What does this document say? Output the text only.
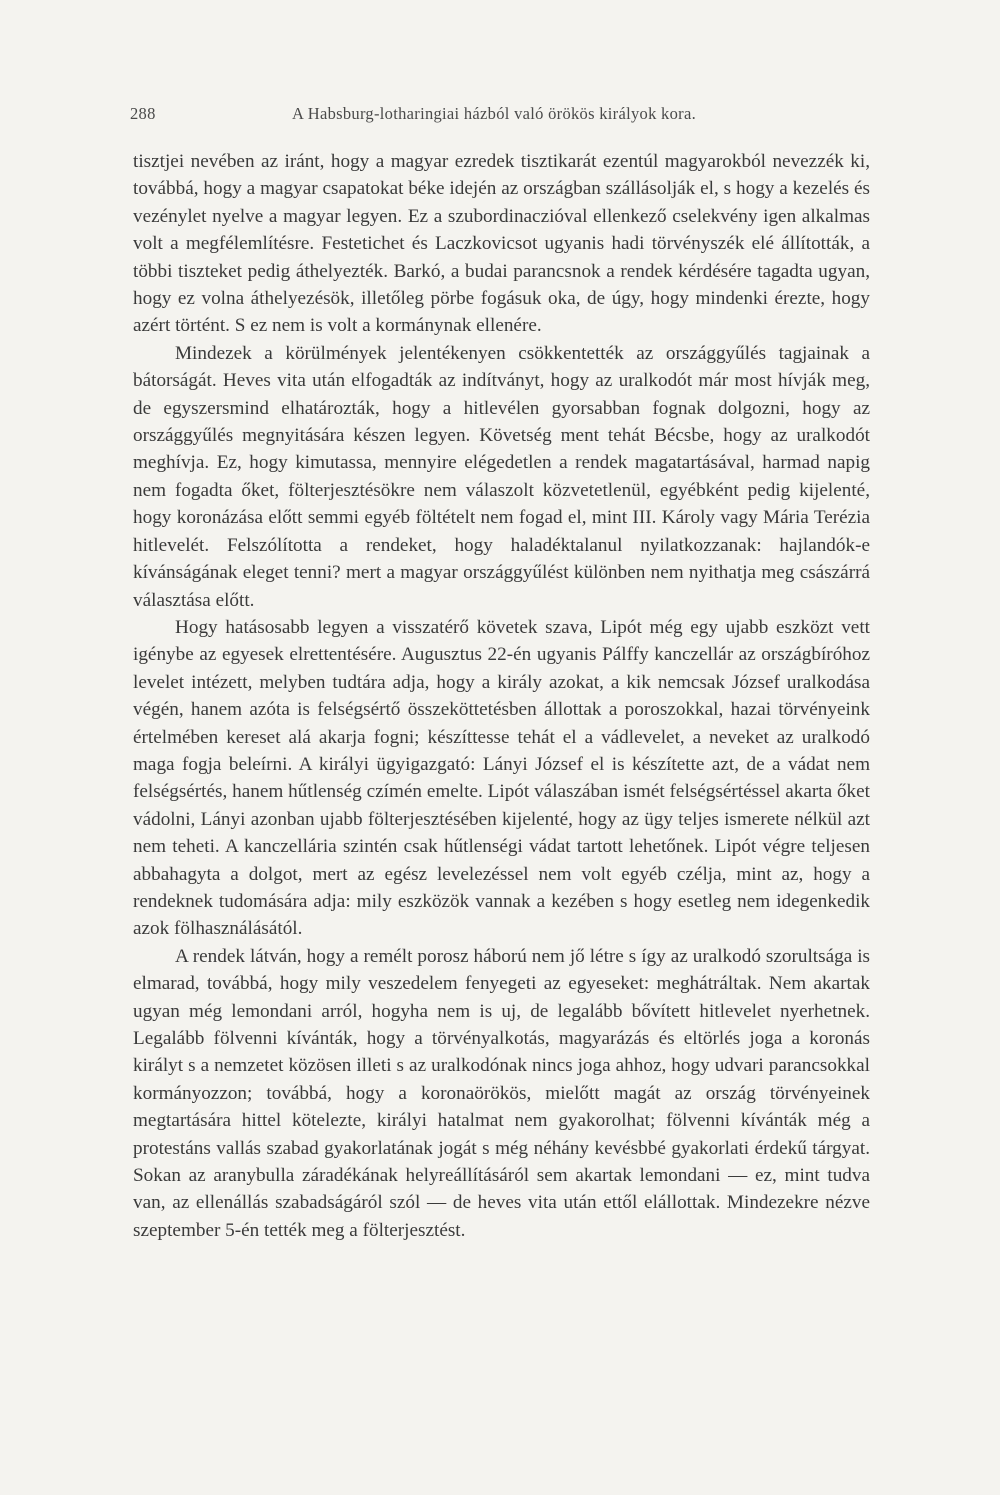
288	A Habsburg-lotharingiai házból való örökös királyok kora.

tisztjei nevében az iránt, hogy a magyar ezredek tisztikarát ezentúl magyarokból nevezzék ki, továbbá, hogy a magyar csapatokat béke idején az országban szállásolják el, s hogy a kezelés és vezénylet nyelve a magyar legyen. Ez a szubordinaczióval ellenkező cselekvény igen alkalmas volt a megfélemlítésre. Festetichet és Laczkovicsot ugyanis hadi törvényszék elé állították, a többi tiszteket pedig áthelyezték. Barkó, a budai parancsnok a rendek kérdésére tagadta ugyan, hogy ez volna áthelyezésök, illetőleg pörbe fogásuk oka, de úgy, hogy mindenki érezte, hogy azért történt. S ez nem is volt a kormánynak ellenére.

Mindezek a körülmények jelentékenyen csökkentették az országgyűlés tagjainak a bátorságát. Heves vita után elfogadták az indítványt, hogy az uralkodót már most hívják meg, de egyszersmind elhatározták, hogy a hitlevélen gyorsabban fognak dolgozni, hogy az országgyűlés megnyitására készen legyen. Követség ment tehát Bécsbe, hogy az uralkodót meghívja. Ez, hogy kimutassa, mennyire elégedetlen a rendek magatartásával, harmad napig nem fogadta őket, fölterjesztésökre nem válaszolt közvetetlenül, egyébként pedig kijelenté, hogy koronázása előtt semmi egyéb föltételt nem fogad el, mint III. Károly vagy Mária Terézia hitlevelét. Felszólította a rendeket, hogy haladéktalanul nyilatkozzanak: hajlandók-e kívánságának eleget tenni? mert a magyar országgyűlést különben nem nyithatja meg császárrá választása előtt.

Hogy hatásosabb legyen a visszatérő követek szava, Lipót még egy ujabb eszközt vett igénybe az egyesek elrettentésére. Augusztus 22-én ugyanis Pálffy kanczellár az országbíróhoz levelet intézett, melyben tudtára adja, hogy a király azokat, a kik nemcsak József uralkodása végén, hanem azóta is felségsértő összeköttetésben állottak a poroszokkal, hazai törvényeink értelmében kereset alá akarja fogni; készíttesse tehát el a vádlevelet, a neveket az uralkodó maga fogja beleírni. A királyi ügyigazgató: Lányi József el is készítette azt, de a vádat nem felségsértés, hanem hűtlenség czímén emelte. Lipót válaszában ismét felségsértéssel akarta őket vádolni, Lányi azonban ujabb fölterjesztésében kijelenté, hogy az ügy teljes ismerete nélkül azt nem teheti. A kanczellária szintén csak hűtlenségi vádat tartott lehetőnek. Lipót végre teljesen abbahagyta a dolgot, mert az egész levelezéssel nem volt egyéb czélja, mint az, hogy a rendeknek tudomására adja: mily eszközök vannak a kezében s hogy esetleg nem idegenkedik azok fölhasználásától.

A rendek látván, hogy a remélt porosz háború nem jő létre s így az uralkodó szorultsága is elmarad, továbbá, hogy mily veszedelem fenyegeti az egyeseket: meghátráltak. Nem akartak ugyan még lemondani arról, hogyha nem is uj, de legalább bővített hitlevelet nyerhetnek. Legalább fölvenni kívánták, hogy a törvényalkotás, magyarázás és eltörlés joga a koronás királyt s a nemzetet közösen illeti s az uralkodónak nincs joga ahhoz, hogy udvari parancsokkal kormányozzon; továbbá, hogy a koronaörökös, mielőtt magát az ország törvényeinek megtartására hittel kötelezte, királyi hatalmat nem gyakorolhat; fölvenni kívánták még a protestáns vallás szabad gyakorlatának jogát s még néhány kevésbbé gyakorlati érdekű tárgyat. Sokan az aranybulla záradékának helyreállításáról sem akartak lemondani — ez, mint tudva van, az ellenállás szabadságáról szól — de heves vita után ettől elállottak. Mindezekre nézve szeptember 5-én tették meg a fölterjesztést.
